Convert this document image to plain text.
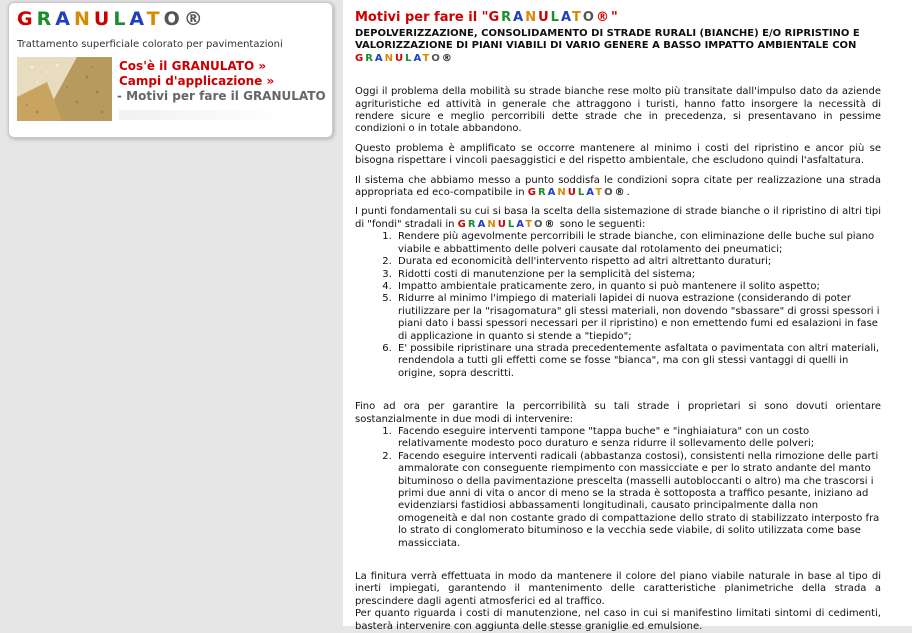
GRANULATO®
Trattamento superficiale colorato per pavimentazioni
Cos'è il GRANULATO »
Campi d'applicazione »
- Motivi per fare il GRANULATO
Motivi per fare il "GRANULATO®"
DEPOLVERIZZAZIONE, CONSOLIDAMENTO DI STRADE RURALI (BIANCHE) E/O RIPRISTINO E VALORIZZAZIONE DI PIANI VIABILI DI VARIO GENERE A BASSO IMPATTO AMBIENTALE CON GRANULATO®

Oggi il problema della mobilità su strade bianche rese molto più transitate dall'impulso dato da aziende agrituristiche ed attività in generale che attraggono i turisti, hanno fatto insorgere la necessità di rendere sicure e meglio percorribili dette strade che in precedenza, si presentavano in pessime condizioni o in totale abbandono.

Questo problema è amplificato se occorre mantenere al minimo i costi del ripristino e ancor più se bisogna rispettare i vincoli paesaggistici e del rispetto ambientale, che escludono quindi l'asfaltatura.

Il sistema che abbiamo messo a punto soddisfa le condizioni sopra citate per realizzazione una strada appropriata ed eco-compatibile in GRANULATO®.

I punti fondamentali su cui si basa la scelta della sistemazione di strade bianche o il ripristino di altri tipi di "fondi" stradali in GRANULATO® sono le seguenti:

1. Rendere più agevolmente percorribili le strade bianche, con eliminazione delle buche sul piano viabile e abbattimento delle polveri causate dal rotolamento dei pneumatici;
2. Durata ed economicità dell'intervento rispetto ad altri altrettanto duraturi;
3. Ridotti costi di manutenzione per la semplicità del sistema;
4. Impatto ambientale praticamente zero, in quanto si può mantenere il solito aspetto;
5. Ridurre al minimo l'impiego di materiali lapidei di nuova estrazione (considerando di poter riutilizzare per la "risagomatura" gli stessi materiali, non dovendo "sbassare" di grossi spessori i piani dato i bassi spessori necessari per il ripristino) e non emettendo fumi ed esalazioni in fase di applicazione in quanto si stende a "tiepido";
6. E' possibile ripristinare una strada precedentemente asfaltata o pavimentata con altri materiali, rendendola a tutti gli effetti come se fosse "bianca", ma con gli stessi vantaggi di quelli in origine, sopra descritti.

Fino ad ora per garantire la percorribilità su tali strade i proprietari si sono dovuti orientare sostanzialmente in due modi di intervenire:

1. Facendo eseguire interventi tampone "tappa buche" e "inghiaiatura" con un costo relativamente modesto poco duraturo e senza ridurre il sollevamento delle polveri;
2. Facendo eseguire interventi radicali (abbastanza costosi), consistenti nella rimozione delle parti ammalorate con conseguente riempimento con massicciate e per lo strato andante del manto bituminoso o della pavimentazione prescelta (masselli autobloccanti o altro) ma che trascorsi i primi due anni di vita o ancor di meno se la strada è sottoposta a traffico pesante, iniziano ad evidenziarsi fastidiosi abbassamenti longitudinali, causato principalmente dalla non omogeneità e dal non costante grado di compattazione dello strato di stabilizzato interposto fra lo strato di conglomerato bituminoso e la vecchia sede viabile, di solito utilizzata come base massicciata.

La finitura verrà effettuata in modo da mantenere il colore del piano viabile naturale in base al tipo di inerti impiegati, garantendo il mantenimento delle caratteristiche planimetriche della strada a prescindere dagli agenti atmosferici ed al traffico.

Per quanto riguarda i costi di manutenzione, nel caso in cui si manifestino limitati sintomi di cedimenti, basterà intervenire con aggiunta delle stesse graniglie ed emulsione.
